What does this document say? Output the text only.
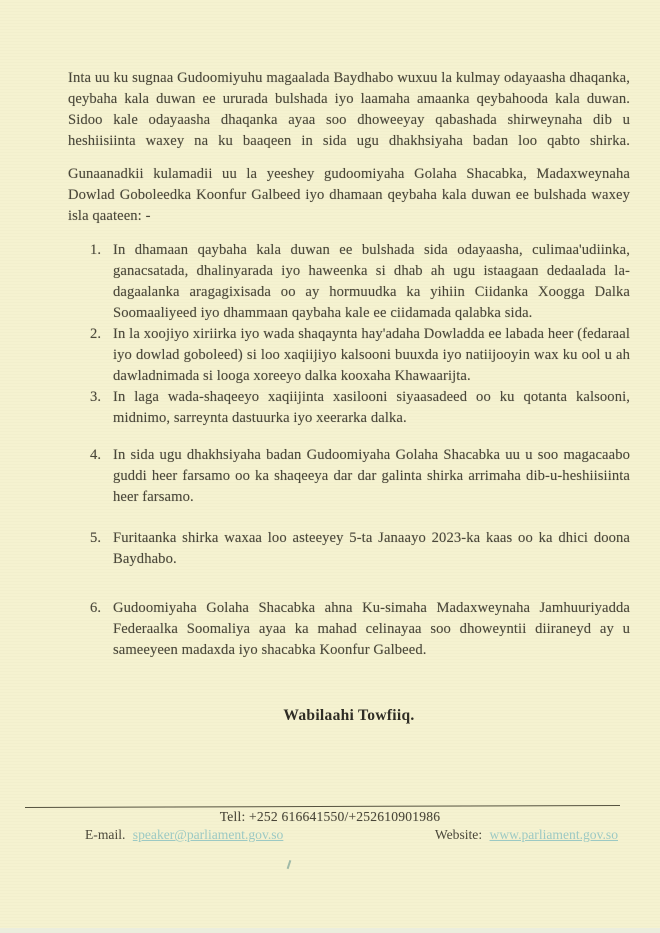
Inta uu ku sugnaa Gudoomiyuhu magaalada Baydhabo wuxuu la kulmay odayaasha dhaqanka, qeybaha kala duwan ee ururada bulshada iyo laamaha amaanka qeybahooda kala duwan. Sidoo kale odayaasha dhaqanka ayaa soo dhoweeyay qabashada shirweynaha dib u heshiisiinta waxey na ku baaqeen in sida ugu dhakhsiyaha badan loo qabto shirka.

Gunaanadkii kulamadii uu la yeeshey gudoomiyaha Golaha Shacabka, Madaxweynaha Dowlad Goboleedka Koonfur Galbeed iyo dhamaan qeybaha kala duwan ee bulshada waxey isla qaateen: -

1. In dhamaan qaybaha kala duwan ee bulshada sida odayaasha, culimaa'udiinka, ganacsatada, dhalinyarada iyo haweenka si dhab ah ugu istaagaan dedaalada la-dagaalanka aragagixisada oo ay hormuudka ka yihiin Ciidanka Xoogga Dalka Soomaaliyeed iyo dhammaan qaybaha kale ee ciidamada qalabka sida.
2. In la xoojiyo xiriirka iyo wada shaqaynta hay'adaha Dowladda ee labada heer (fedaraal iyo dowlad goboleed) si loo xaqiijiyo kalsooni buuxda iyo natiijooyin wax ku ool u ah dawladnimada si looga xoreeyo dalka kooxaha Khawaarijta.
3. In laga wada-shaqeeyo xaqiijinta xasilooni siyaasadeed oo ku qotanta kalsooni, midnimo, sarreynta dastuurka iyo xeerarka dalka.
4. In sida ugu dhakhsiyaha badan Gudoomiyaha Golaha Shacabka uu u soo magacaabo guddi heer farsamo oo ka shaqeeya dar dar galinta shirka arrimaha dib-u-heshiisiinta heer farsamo.
5. Furitaanka shirka waxaa loo asteeyey 5-ta Janaayo 2023-ka kaas oo ka dhici doona Baydhabo.
6. Gudoomiyaha Golaha Shacabka ahna Ku-simaha Madaxweynaha Jamhuuriyadda Federaalka Soomaliya ayaa ka mahad celinayaa soo dhoweyntii diiraneyd ay u sameeyeen madaxda iyo shacabka Koonfur Galbeed.
Wabilaahi Towfiiq.
Tell: +252 616641550/+252610901986
E-mail. speaker@parliament.gov.so	Website: www.parliament.gov.so
